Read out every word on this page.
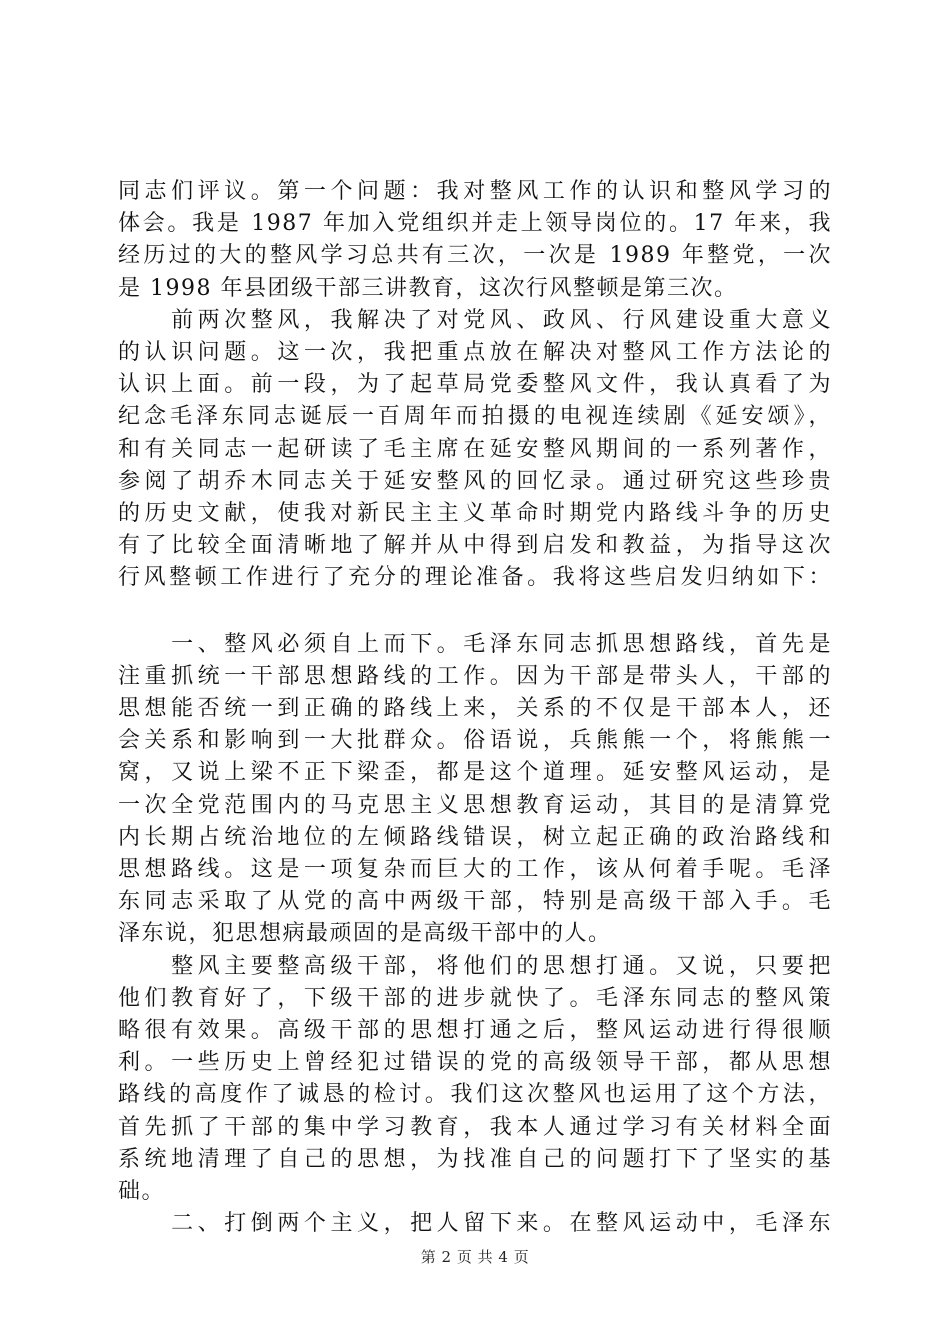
同志们评议。第一个问题：我对整风工作的认识和整风学习的
体会。我是 1987 年加入党组织并走上领导岗位的。17 年来，我
经历过的大的整风学习总共有三次，一次是 1989 年整党，一次
是 1998 年县团级干部三讲教育，这次行风整顿是第三次。

　　前两次整风，我解决了对党风、政风、行风建设重大意义
的认识问题。这一次，我把重点放在解决对整风工作方法论的
认识上面。前一段，为了起草局党委整风文件，我认真看了为
纪念毛泽东同志诞辰一百周年而拍摄的电视连续剧《延安颂》，
和有关同志一起研读了毛主席在延安整风期间的一系列著作，
参阅了胡乔木同志关于延安整风的回忆录。通过研究这些珍贵
的历史文献，使我对新民主主义革命时期党内路线斗争的历史
有了比较全面清晰地了解并从中得到启发和教益，为指导这次
行风整顿工作进行了充分的理论准备。我将这些启发归纳如下：

　　一、整风必须自上而下。毛泽东同志抓思想路线，首先是
注重抓统一干部思想路线的工作。因为干部是带头人，干部的
思想能否统一到正确的路线上来，关系的不仅是干部本人，还
会关系和影响到一大批群众。俗语说，兵熊熊一个，将熊熊一
窝，又说上梁不正下梁歪，都是这个道理。延安整风运动，是
一次全党范围内的马克思主义思想教育运动，其目的是清算党
内长期占统治地位的左倾路线错误，树立起正确的政治路线和
思想路线。这是一项复杂而巨大的工作，该从何着手呢。毛泽
东同志采取了从党的高中两级干部，特别是高级干部入手。毛
泽东说，犯思想病最顽固的是高级干部中的人。

　　整风主要整高级干部，将他们的思想打通。又说，只要把
他们教育好了，下级干部的进步就快了。毛泽东同志的整风策
略很有效果。高级干部的思想打通之后，整风运动进行得很顺
利。一些历史上曾经犯过错误的党的高级领导干部，都从思想
路线的高度作了诚恳的检讨。我们这次整风也运用了这个方法，
首先抓了干部的集中学习教育，我本人通过学习有关材料全面
系统地清理了自己的思想，为找准自己的问题打下了坚实的基
础。

　　二、打倒两个主义，把人留下来。在整风运动中，毛泽东

第 2 页 共 4 页
